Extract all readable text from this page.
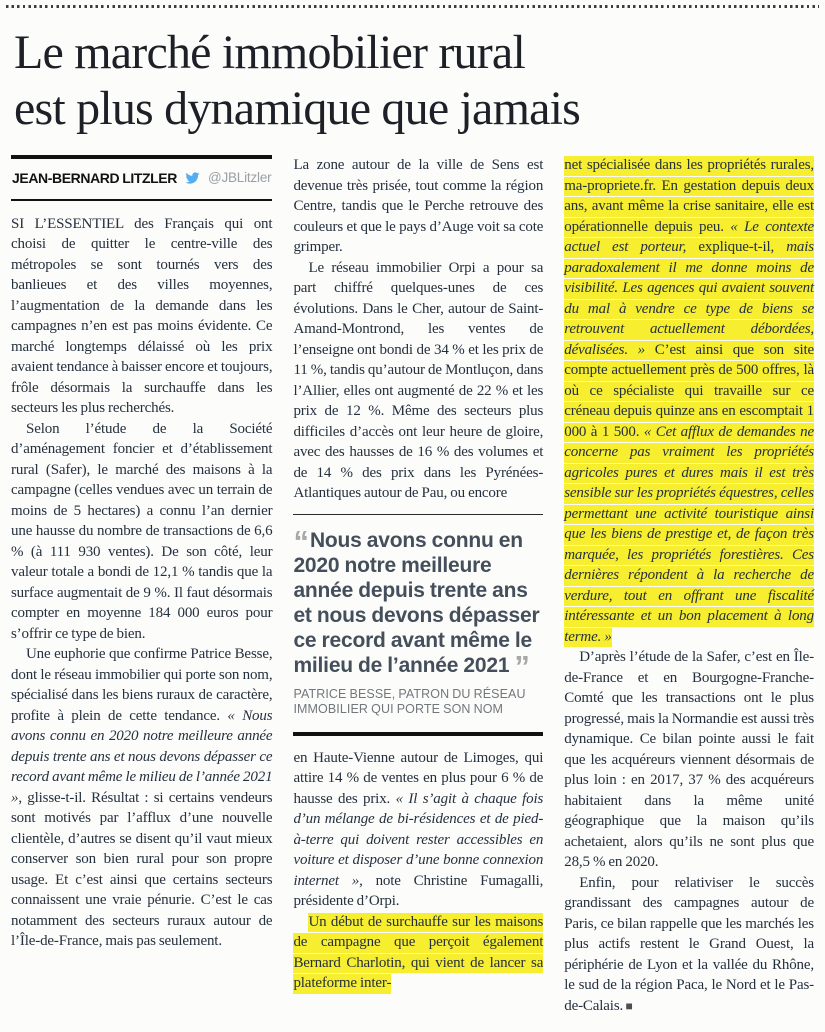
Le marché immobilier rural
est plus dynamique que jamais
JEAN-BERNARD LITZLER @JBLitzler

SI L’ESSENTIEL des Français qui ont choisi de quitter le centre-ville des métropoles se sont tournés vers des banlieues et des villes moyennes, l’augmentation de la demande dans les campagnes n’en est pas moins évidente. Ce marché longtemps délaissé où les prix avaient tendance à baisser encore et toujours, frôle désormais la surchauffe dans les secteurs les plus recherchés.

Selon l’étude de la Société d’aménagement foncier et d’établissement rural (Safer), le marché des maisons à la campagne (celles vendues avec un terrain de moins de 5 hectares) a connu l’an dernier une hausse du nombre de transactions de 6,6 % (à 111 930 ventes). De son côté, leur valeur totale a bondi de 12,1 % tandis que la surface augmentait de 9 %. Il faut désormais compter en moyenne 184 000 euros pour s’offrir ce type de bien.

Une euphorie que confirme Patrice Besse, dont le réseau immobilier qui porte son nom, spécialisé dans les biens ruraux de caractère, profite à plein de cette tendance. « Nous avons connu en 2020 notre meilleure année depuis trente ans et nous devons dépasser ce record avant même le milieu de l’année 2021 », glisse-t-il. Résultat : si certains vendeurs sont motivés par l’afflux d’une nouvelle clientèle, d’autres se disent qu’il vaut mieux conserver son bien rural pour son propre usage. Et c’est ainsi que certains secteurs connaissent une vraie pénurie. C’est le cas notamment des secteurs ruraux autour de l’Île-de-France, mais pas seulement.

La zone autour de la ville de Sens est devenue très prisée, tout comme la région Centre, tandis que le Perche retrouve des couleurs et que le pays d’Auge voit sa cote grimper.

Le réseau immobilier Orpi a pour sa part chiffré quelques-unes de ces évolutions. Dans le Cher, autour de Saint-Amand-Montrond, les ventes de l’enseigne ont bondi de 34 % et les prix de 11 %, tandis qu’autour de Montluçon, dans l’Allier, elles ont augmenté de 22 % et les prix de 12 %. Même des secteurs plus difficiles d’accès ont leur heure de gloire, avec des hausses de 16 % des volumes et de 14 % des prix dans les Pyrénées-Atlantiques autour de Pau, ou encore

“ Nous avons connu en 2020 notre meilleure année depuis trente ans et nous devons dépasser ce record avant même le milieu de l’année 2021 ”
PATRICE BESSE, PATRON DU RÉSEAU IMMOBILIER QUI PORTE SON NOM

en Haute-Vienne autour de Limoges, qui attire 14 % de ventes en plus pour 6 % de hausse des prix. « Il s’agit à chaque fois d’un mélange de bi-résidences et de pied-à-terre qui doivent rester accessibles en voiture et disposer d’une bonne connexion internet », note Christine Fumagalli, présidente d’Orpi.

Un début de surchauffe sur les maisons de campagne que perçoit également Bernard Charlotin, qui vient de lancer sa plateforme inter-

net spécialisée dans les propriétés rurales, ma-propriete.fr. En gestation depuis deux ans, avant même la crise sanitaire, elle est opérationnelle depuis peu. « Le contexte actuel est porteur, explique-t-il, mais paradoxalement il me donne moins de visibilité. Les agences qui avaient souvent du mal à vendre ce type de biens se retrouvent actuellement débordées, dévalisées. » C’est ainsi que son site compte actuellement près de 500 offres, là où ce spécialiste qui travaille sur ce créneau depuis quinze ans en escomptait 1 000 à 1 500. « Cet afflux de demandes ne concerne pas vraiment les propriétés agricoles pures et dures mais il est très sensible sur les propriétés équestres, celles permettant une activité touristique ainsi que les biens de prestige et, de façon très marquée, les propriétés forestières. Ces dernières répondent à la recherche de verdure, tout en offrant une fiscalité intéressante et un bon placement à long terme. »

D’après l’étude de la Safer, c’est en Île-de-France et en Bourgogne-Franche-Comté que les transactions ont le plus progressé, mais la Normandie est aussi très dynamique. Ce bilan pointe aussi le fait que les acquéreurs viennent désormais de plus loin : en 2017, 37 % des acquéreurs habitaient dans la même unité géographique que la maison qu’ils achetaient, alors qu’ils ne sont plus que 28,5 % en 2020.

Enfin, pour relativiser le succès grandissant des campagnes autour de Paris, ce bilan rappelle que les marchés les plus actifs restent le Grand Ouest, la périphérie de Lyon et la vallée du Rhône, le sud de la région Paca, le Nord et le Pas-de-Calais. ■
